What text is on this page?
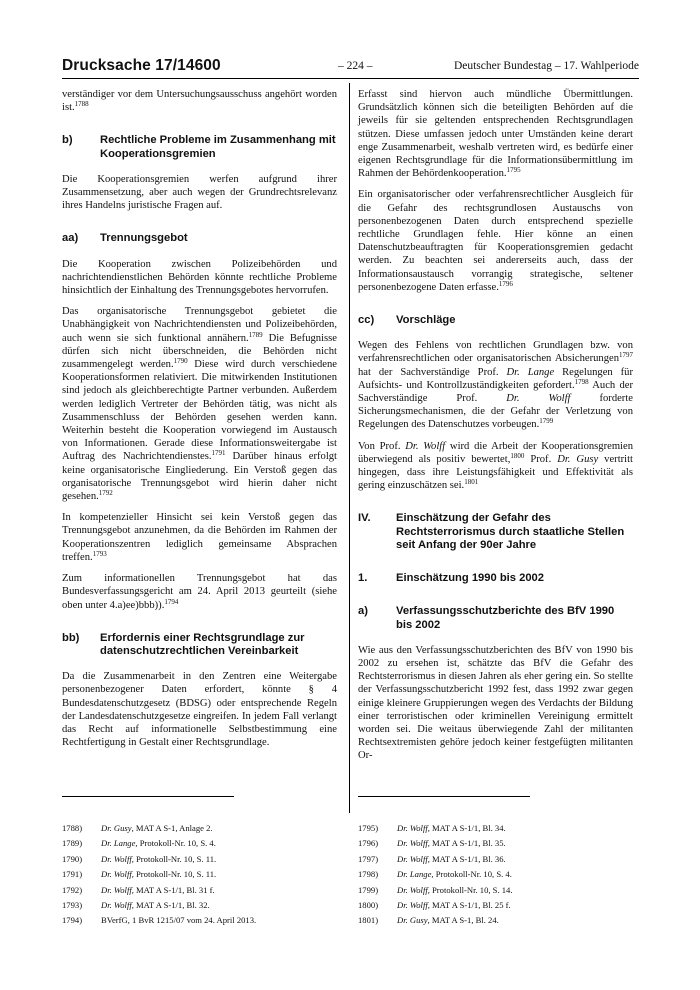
Drucksache 17/14600	– 224 –	Deutscher Bundestag – 17. Wahlperiode

verständiger vor dem Untersuchungsausschuss angehört worden ist.$^{1788}$

b)	Rechtliche Probleme im Zusammenhang mit Kooperationsgremien

Die Kooperationsgremien werfen aufgrund ihrer Zusammensetzung, aber auch wegen der Grundrechtsrelevanz ihres Handelns juristische Fragen auf.

aa)	Trennungsgebot

Die Kooperation zwischen Polizeibehörden und nachrichtendienstlichen Behörden könnte rechtliche Probleme hinsichtlich der Einhaltung des Trennungsgebotes hervorrufen.

Das organisatorische Trennungsgebot gebietet die Unabhängigkeit von Nachrichtendiensten und Polizeibehörden, auch wenn sie sich funktional annähern.$^{1789}$ Die Befugnisse dürfen sich nicht überschneiden, die Behörden nicht zusammengelegt werden.$^{1790}$ Diese wird durch verschiedene Kooperationsformen relativiert. Die mitwirkenden Institutionen sind jedoch als gleichberechtigte Partner verbunden. Außerdem werden lediglich Vertreter der Behörden tätig, was nicht als Zusammenschluss der Behörden gesehen werden kann. Weiterhin besteht die Kooperation vorwiegend im Austausch von Informationen. Gerade diese Informationsweitergabe ist Auftrag des Nachrichtendienstes.$^{1791}$ Darüber hinaus erfolgt keine organisatorische Eingliederung. Ein Verstoß gegen das organisatorische Trennungsgebot wird hierin daher nicht gesehen.$^{1792}$

In kompetenzieller Hinsicht sei kein Verstoß gegen das Trennungsgebot anzunehmen, da die Behörden im Rahmen der Kooperationszentren lediglich gemeinsame Absprachen treffen.$^{1793}$

Zum informationellen Trennungsgebot hat das Bundesverfassungsgericht am 24. April 2013 geurteilt (siehe oben unter 4.a)ee)bbb)).$^{1794}$

bb)	Erfordernis einer Rechtsgrundlage zur datenschutzrechtlichen Vereinbarkeit

Da die Zusammenarbeit in den Zentren eine Weitergabe personenbezogener Daten erfordert, könnte § 4 Bundesdatenschutzgesetz (BDSG) oder entsprechende Regeln der Landesdatenschutzgesetze eingreifen. In jedem Fall verlangt das Recht auf informationelle Selbstbestimmung eine Rechtfertigung in Gestalt einer Rechtsgrundlage.

Erfasst sind hiervon auch mündliche Übermittlungen. Grundsätzlich können sich die beteiligten Behörden auf die jeweils für sie geltenden entsprechenden Rechtsgrundlagen stützen. Diese umfassen jedoch unter Umständen keine derart enge Zusammenarbeit, weshalb vertreten wird, es bedürfe einer eigenen Rechtsgrundlage für die Informationsübermittlung im Rahmen der Behördenkooperation.$^{1795}$

Ein organisatorischer oder verfahrensrechtlicher Ausgleich für die Gefahr des rechtsgrundlosen Austauschs von personenbezogenen Daten durch entsprechend spezielle rechtliche Grundlagen fehle. Hier könne an einen Datenschutzbeauftragten für Kooperationsgremien gedacht werden. Zu beachten sei andererseits auch, dass der Informationsaustausch vorrangig strategische, seltener personenbezogene Daten erfasse.$^{1796}$

cc)	Vorschläge

Wegen des Fehlens von rechtlichen Grundlagen bzw. von verfahrensrechtlichen oder organisatorischen Absicherungen$^{1797}$ hat der Sachverständige Prof. Dr. Lange Regelungen für Aufsichts- und Kontrollzuständigkeiten gefordert.$^{1798}$ Auch der Sachverständige Prof. Dr. Wolff forderte Sicherungsmechanismen, die der Gefahr der Verletzung von Regelungen des Datenschutzes vorbeugen.$^{1799}$

Von Prof. Dr. Wolff wird die Arbeit der Kooperationsgremien überwiegend als positiv bewertet,$^{1800}$ Prof. Dr. Gusy vertritt hingegen, dass ihre Leistungsfähigkeit und Effektivität als gering einzuschätzen sei.$^{1801}$

IV.	Einschätzung der Gefahr des Rechtsterrorismus durch staatliche Stellen seit Anfang der 90er Jahre
1.	Einschätzung 1990 bis 2002
a)	Verfassungsschutzberichte des BfV 1990 bis 2002

Wie aus den Verfassungsschutzberichten des BfV von 1990 bis 2002 zu ersehen ist, schätzte das BfV die Gefahr des Rechtsterrorismus in diesen Jahren als eher gering ein. So stellte der Verfassungsschutzbericht 1992 fest, dass 1992 zwar gegen einige kleinere Gruppierungen wegen des Verdachts der Bildung einer terroristischen oder kriminellen Vereinigung ermittelt worden sei. Die weitaus überwiegende Zahl der militanten Rechtsextremisten gehöre jedoch keiner festgefügten militanten Or-

1788)	Dr. Gusy, MAT A S-1, Anlage 2.
1789)	Dr. Lange, Protokoll-Nr. 10, S. 4.
1790)	Dr. Wolff, Protokoll-Nr. 10, S. 11.
1791)	Dr. Wolff, Protokoll-Nr. 10, S. 11.
1792)	Dr. Wolff, MAT A S-1/1, Bl. 31 f.
1793)	Dr. Wolff, MAT A S-1/1, Bl. 32.
1794)	BVerfG, 1 BvR 1215/07 vom 24. April 2013.
1795)	Dr. Wolff, MAT A S-1/1, Bl. 34.
1796)	Dr. Wolff, MAT A S-1/1, Bl. 35.
1797)	Dr. Wolff, MAT A S-1/1, Bl. 36.
1798)	Dr. Lange, Protokoll-Nr. 10, S. 4.
1799)	Dr. Wolff, Protokoll-Nr. 10, S. 14.
1800)	Dr. Wolff, MAT A S-1/1, Bl. 25 f.
1801)	Dr. Gusy, MAT A S-1, Bl. 24.
